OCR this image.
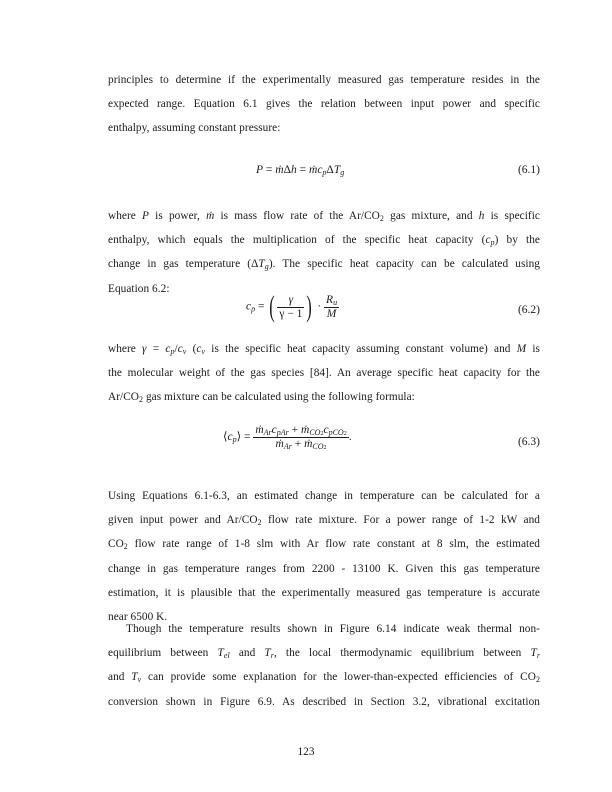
principles to determine if the experimentally measured gas temperature resides in the
expected range. Equation 6.1 gives the relation between input power and specific
enthalpy, assuming constant pressure:
P = ṁΔh = $ṁc_p\Delta T_g$	(6.1)
where P is power, ṁ is mass flow rate of the $Ar/CO_2$ gas mixture, and h is specific
enthalpy, which equals the multiplication of the specific heat capacity $(c_p)$ by the
change in gas temperature $(\Delta T_g)$. The specific heat capacity can be calculated using
Equation 6.2:
$c_p$ = ( $\frac{\gamma}{\gamma - 1}$ ) · $\frac{R_u}{M}$	(6.2)
where $\gamma = c_p/c_v$ ($c_v$ is the specific heat capacity assuming constant volume) and M is
the molecular weight of the gas species [84]. An average specific heat capacity for the
$Ar/CO_2$ gas mixture can be calculated using the following formula:
$⟨c_p⟩ = \frac{ṁ_{Ar}c_{pAr} + ṁ_{CO2}c_{pCO2}}{ṁ_{Ar} + ṁ_{CO2}}$ .	(6.3)
Using Equations 6.1-6.3, an estimated change in temperature can be calculated for a
given input power and $Ar/CO_2$ flow rate mixture. For a power range of 1-2 kW and
$CO_2$ flow rate range of 1-8 slm with Ar flow rate constant at 8 slm, the estimated
change in gas temperature ranges from 2200 - 13100 K. Given this gas temperature
estimation, it is plausible that the experimentally measured gas temperature is accurate
near 6500 K.
Though the temperature results shown in Figure 6.14 indicate weak thermal non-
equilibrium between $T_{el}$ and $T_r$, the local thermodynamic equilibrium between $T_r$
and $T_v$ can provide some explanation for the lower-than-expected efficiencies of $CO_2$
conversion shown in Figure 6.9. As described in Section 3.2, vibrational excitation
123
